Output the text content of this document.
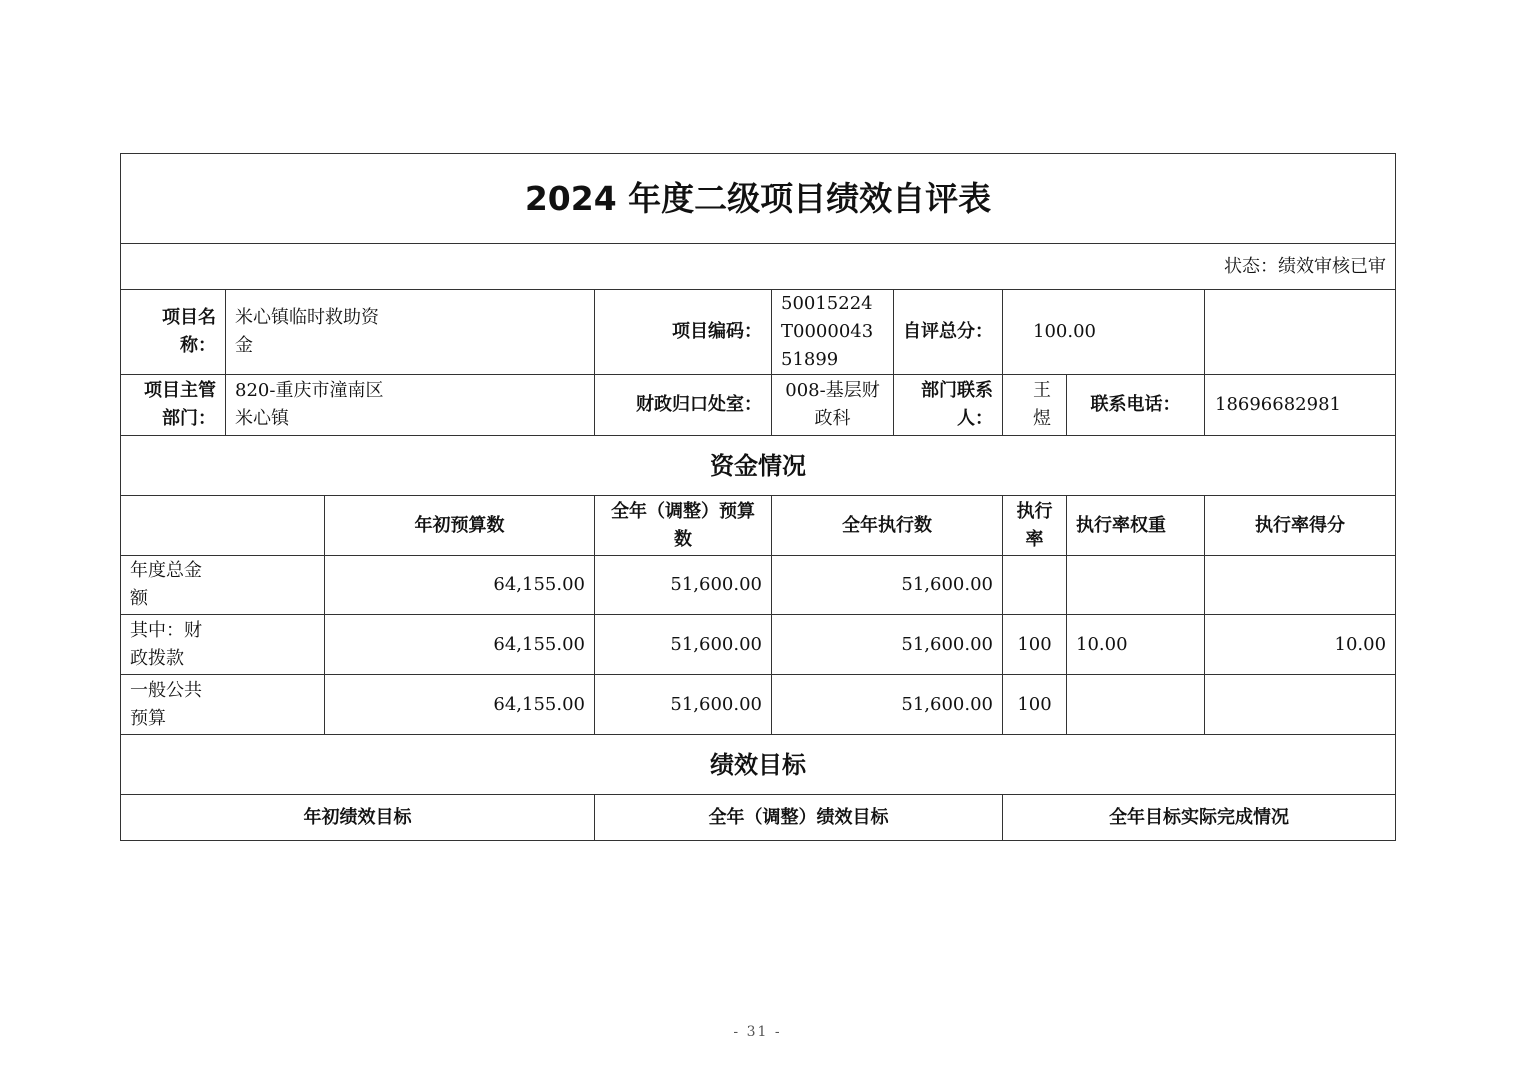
2024 年度二级项目绩效自评表								
状态：绩效审核已审								
项目名称：	米心镇临时救助资金		项目编码：	50015224T000004351899	自评总分：	100.00		
项目主管部门：	820-重庆市潼南区米心镇		财政归口处室：	008-基层财政科	部门联系人：	王煜	联系电话：	18696682981

资金情况								
		年初预算数	全年（调整）预算数	全年执行数		执行率	执行率权重	执行率得分
年度总金额		64,155.00	51,600.00	51,600.00				
其中：财政拨款		64,155.00	51,600.00	51,600.00		100	10.00	10.00
一般公共预算		64,155.00	51,600.00	51,600.00		100		
绩效目标								
年初绩效目标			全年（调整）绩效目标			全年目标实际完成情况		
- 31 -
